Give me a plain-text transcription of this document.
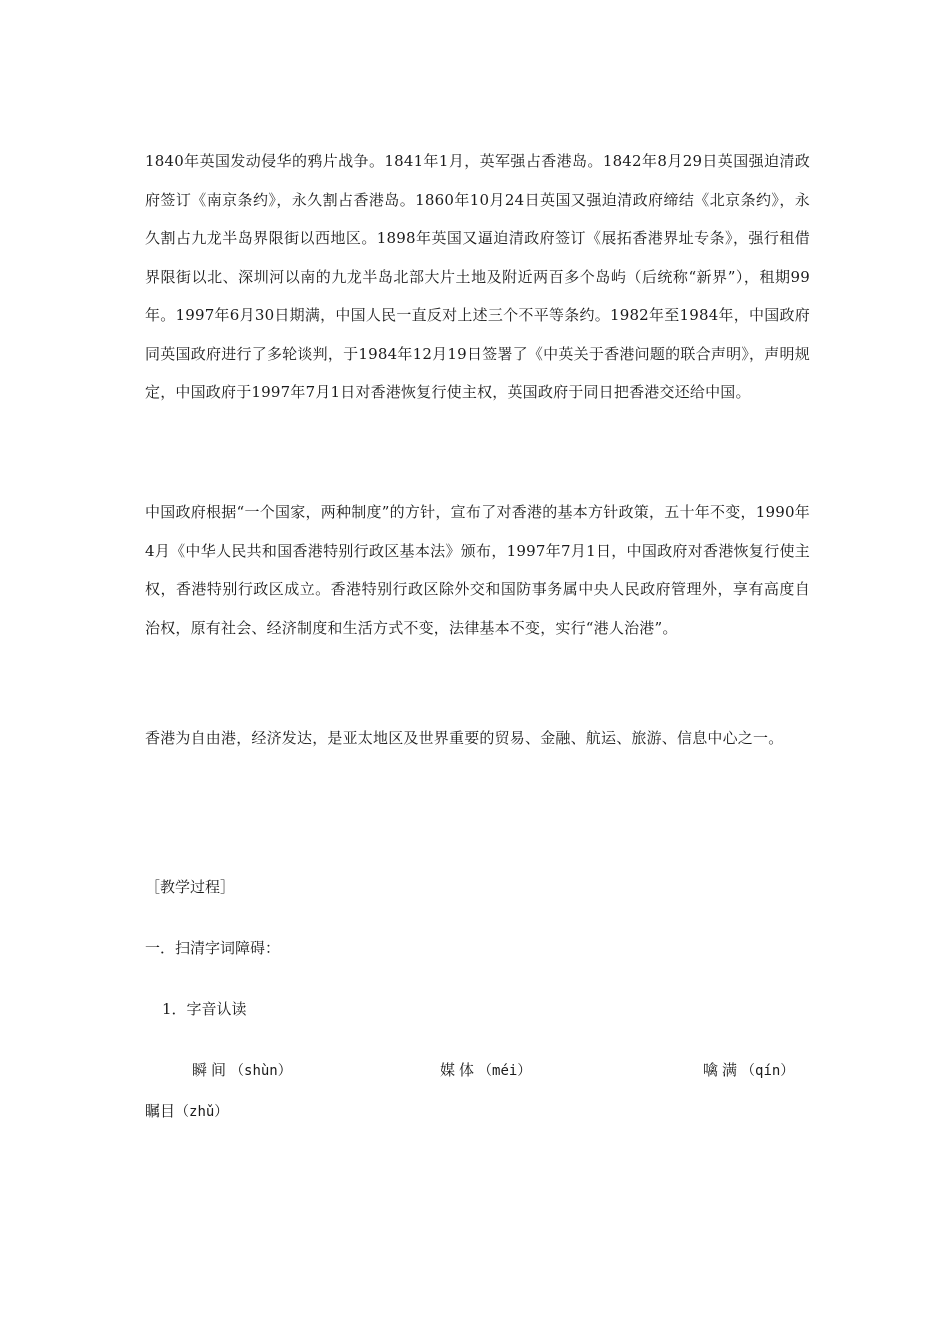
1840年英国发动侵华的鸦片战争。1841年1月，英军强占香港岛。1842年8月29日英国强迫清政府签订《南京条约》，永久割占香港岛。1860年10月24日英国又强迫清政府缔结《北京条约》，永久割占九龙半岛界限街以西地区。1898年英国又逼迫清政府签订《展拓香港界址专条》，强行租借界限街以北、深圳河以南的九龙半岛北部大片土地及附近两百多个岛屿（后统称“新界”），租期99年。1997年6月30日期满，中国人民一直反对上述三个不平等条约。1982年至1984年，中国政府同英国政府进行了多轮谈判，于1984年12月19日签署了《中英关于香港问题的联合声明》，声明规定，中国政府于1997年7月1日对香港恢复行使主权，英国政府于同日把香港交还给中国。
中国政府根据“一个国家，两种制度”的方针，宣布了对香港的基本方针政策，五十年不变，1990年4月《中华人民共和国香港特别行政区基本法》颁布，1997年7月1日，中国政府对香港恢复行使主权，香港特别行政区成立。香港特别行政区除外交和国防事务属中央人民政府管理外，享有高度自治权，原有社会、经济制度和生活方式不变，法律基本不变，实行“港人治港”。
香港为自由港，经济发达，是亚太地区及世界重要的贸易、金融、航运、旅游、信息中心之一。
［教学过程］
一．扫清字词障碍：
1．字音认读
瞬间（shùn）	媒体（méi）	噙满（qín）
瞩目（zhǔ）
